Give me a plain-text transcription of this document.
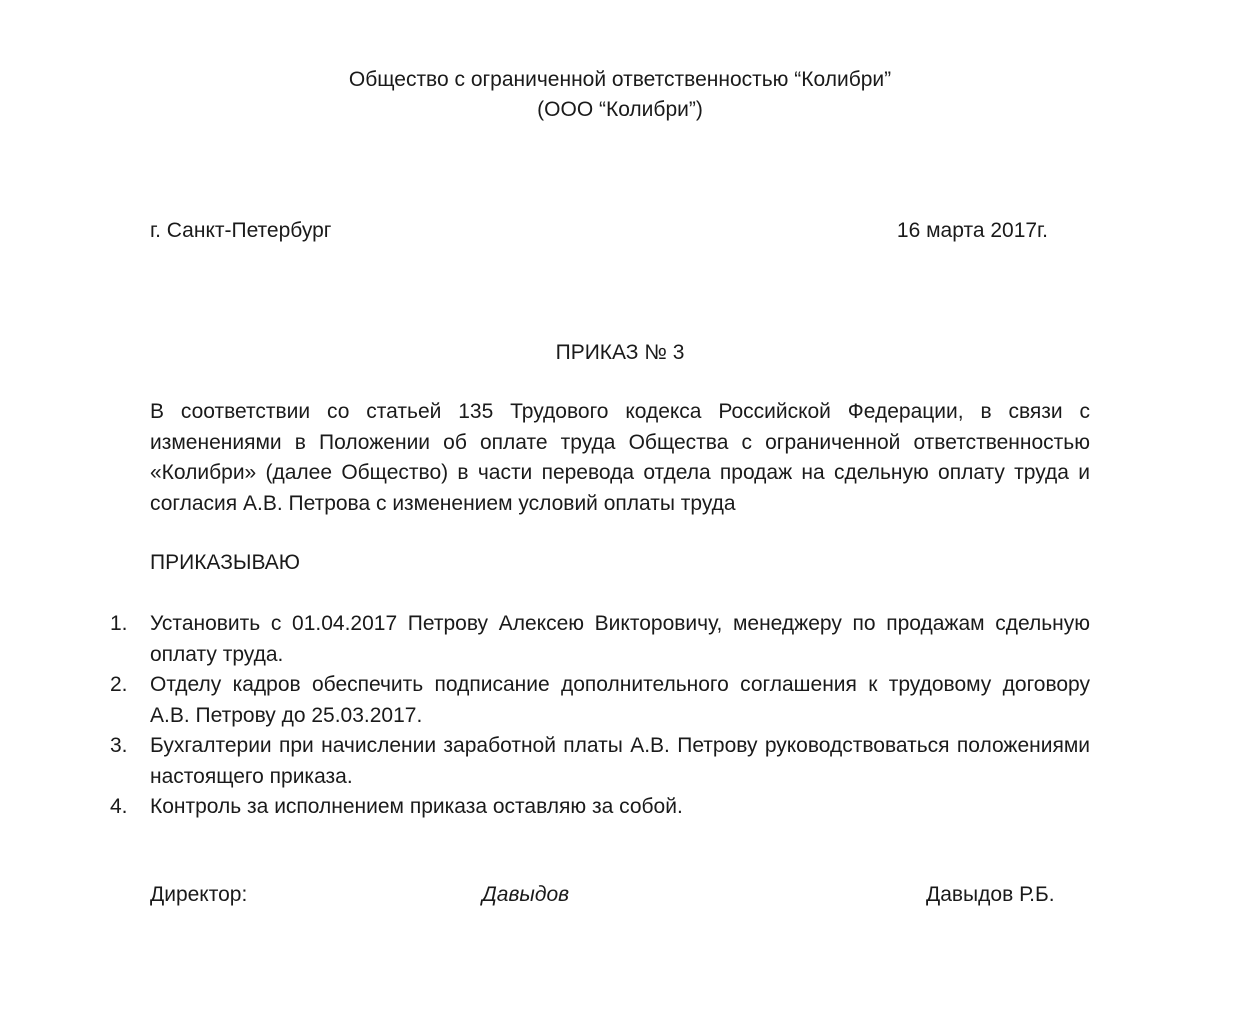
Общество с ограниченной ответственностью “Колибри”
(ООО “Колибри”)
г. Санкт-Петербург	16 марта 2017г.
ПРИКАЗ № 3

В соответствии со статьей 135 Трудового кодекса Российской Федерации, в связи с изменениями в Положении об оплате труда Общества с ограниченной ответственностью «Колибри» (далее Общество) в части перевода отдела продаж на сдельную оплату труда и согласия А.В. Петрова с изменением условий оплаты труда

ПРИКАЗЫВАЮ
1.	Установить с 01.04.2017 Петрову Алексею Викторовичу, менеджеру по продажам сдельную оплату труда.
2.	Отделу кадров обеспечить подписание дополнительного соглашения к трудовому договору А.В. Петрову до 25.03.2017.
3.	Бухгалтерии при начислении заработной платы А.В. Петрову руководствоваться положениями настоящего приказа.
4.	Контроль за исполнением приказа оставляю за собой.
Директор:	Давыдов	Давыдов Р.Б.
